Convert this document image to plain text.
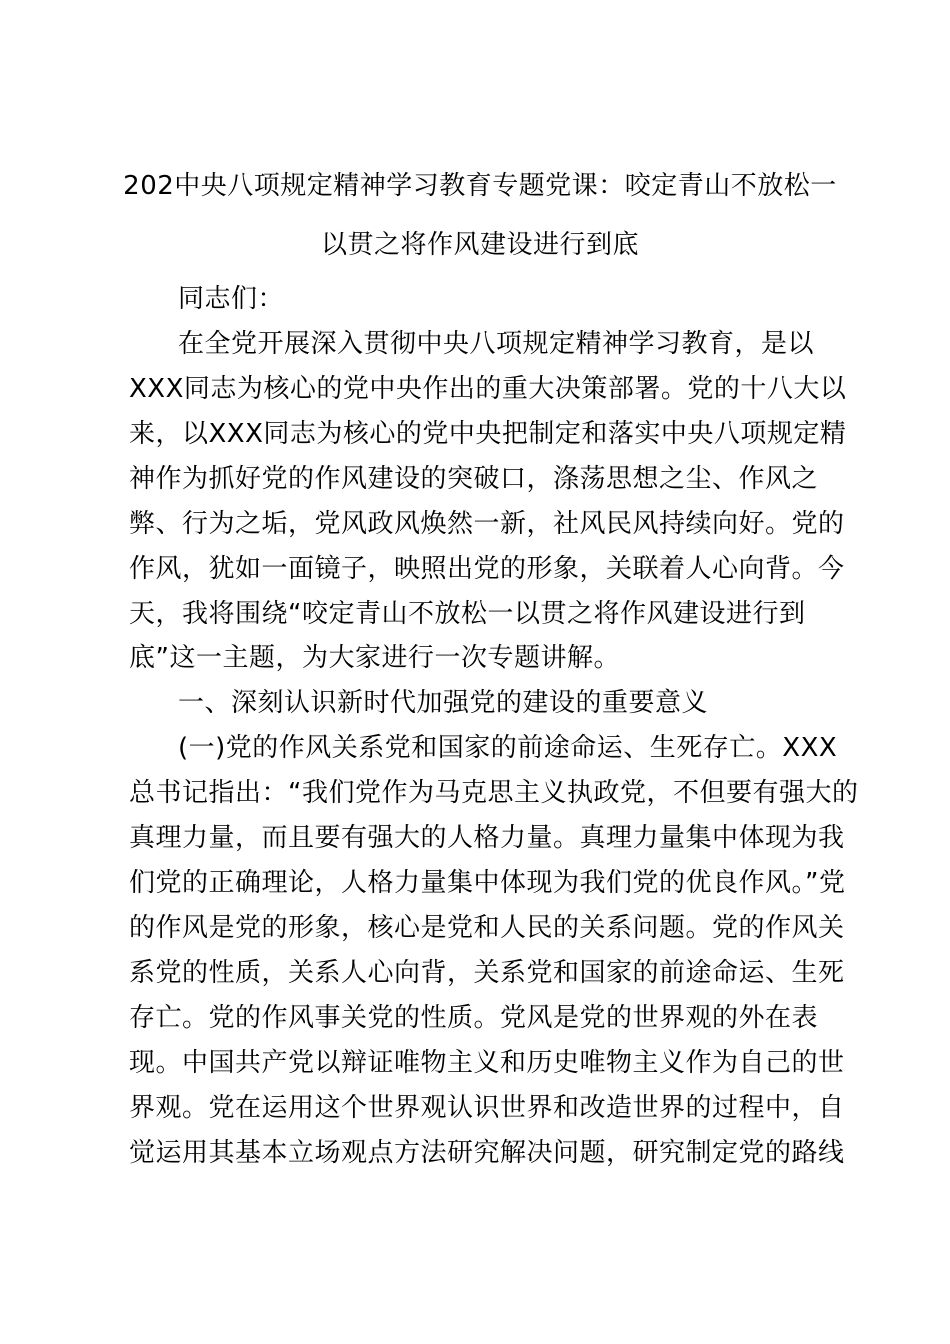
202中央八项规定精神学习教育专题党课：咬定青山不放松一
以贯之将作风建设进行到底
同志们：
在全党开展深入贯彻中央八项规定精神学习教育，是以
XXX同志为核心的党中央作出的重大决策部署。党的十八大以
来，以XXX同志为核心的党中央把制定和落实中央八项规定精
神作为抓好党的作风建设的突破口，涤荡思想之尘、作风之
弊、行为之垢，党风政风焕然一新，社风民风持续向好。党的
作风，犹如一面镜子，映照出党的形象，关联着人心向背。今
天，我将围绕“咬定青山不放松一以贯之将作风建设进行到
底”这一主题，为大家进行一次专题讲解。
一、深刻认识新时代加强党的建设的重要意义
(一)党的作风关系党和国家的前途命运、生死存亡。XXX
总书记指出：“我们党作为马克思主义执政党，不但要有强大的
真理力量，而且要有强大的人格力量。真理力量集中体现为我
们党的正确理论，人格力量集中体现为我们党的优良作风。”党
的作风是党的形象，核心是党和人民的关系问题。党的作风关
系党的性质，关系人心向背，关系党和国家的前途命运、生死
存亡。党的作风事关党的性质。党风是党的世界观的外在表
现。中国共产党以辩证唯物主义和历史唯物主义作为自己的世
界观。党在运用这个世界观认识世界和改造世界的过程中，自
觉运用其基本立场观点方法研究解决问题，研究制定党的路线
